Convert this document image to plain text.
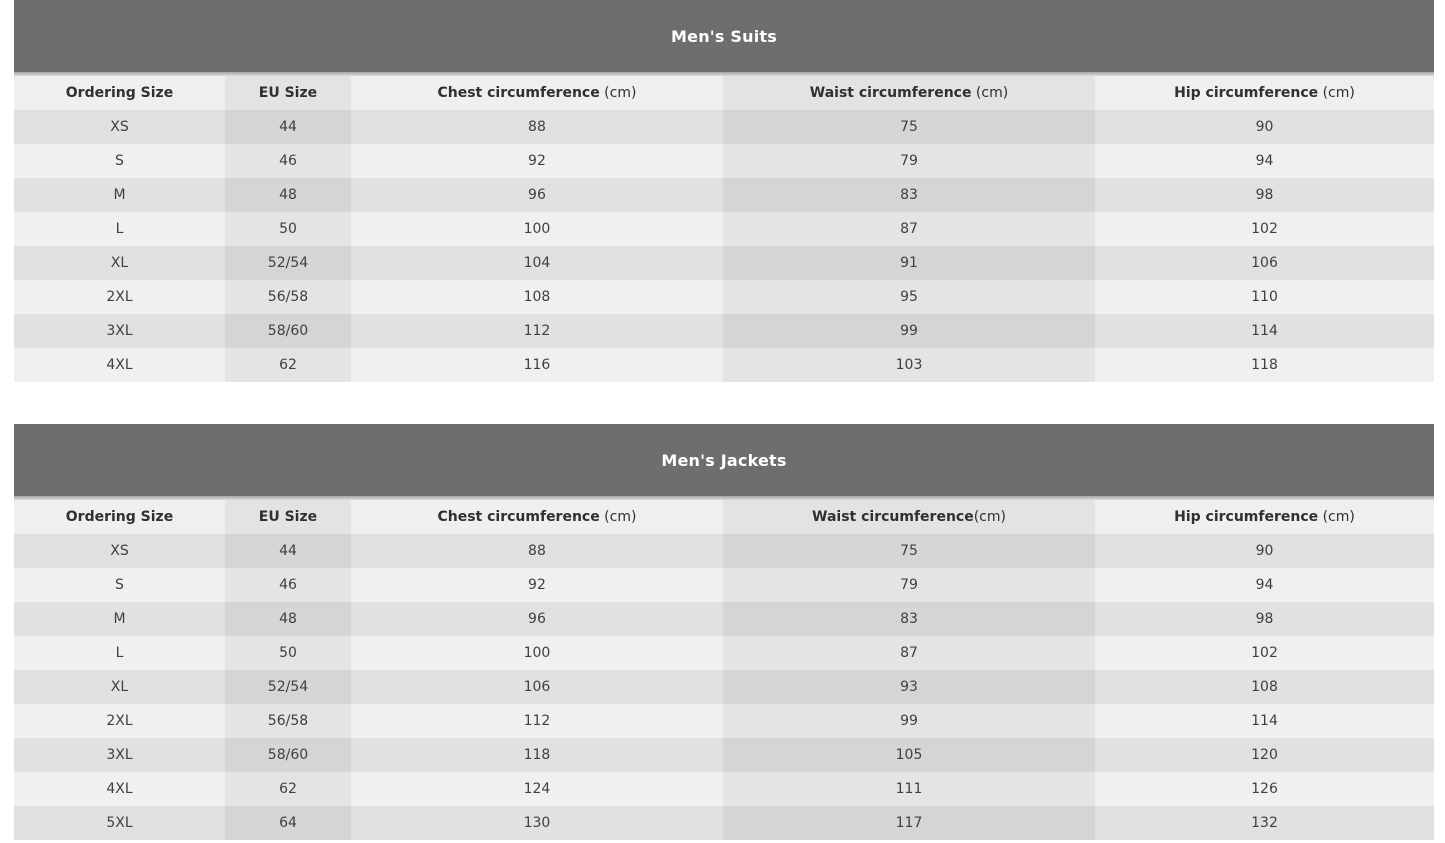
Men's Suits
Ordering Size	EU Size	Chest circumference (cm)	Waist circumference (cm)	Hip circumference (cm)
XS	44	88	75	90
S	46	92	79	94
M	48	96	83	98
L	50	100	87	102
XL	52/54	104	91	106
2XL	56/58	108	95	110
3XL	58/60	112	99	114
4XL	62	116	103	118
Men's Jackets
Ordering Size	EU Size	Chest circumference (cm)	Waist circumference (cm)	Hip circumference (cm)
XS	44	88	75	90
S	46	92	79	94
M	48	96	83	98
L	50	100	87	102
XL	52/54	106	93	108
2XL	56/58	112	99	114
3XL	58/60	118	105	120
4XL	62	124	111	126
5XL	64	130	117	132
